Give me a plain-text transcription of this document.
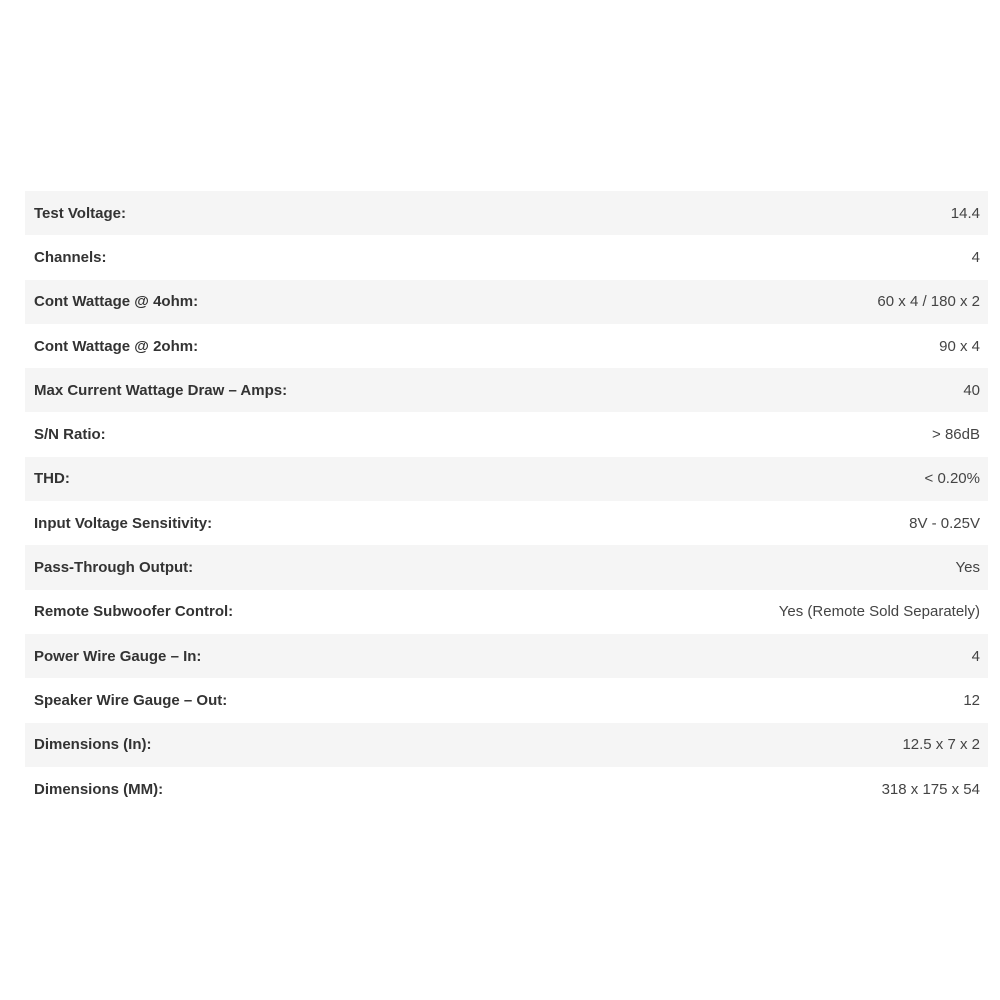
Test Voltage:	14.4
Channels:	4
Cont Wattage @ 4ohm:	60 x 4 / 180 x 2
Cont Wattage @ 2ohm:	90 x 4
Max Current Wattage Draw – Amps:	40
S/N Ratio:	> 86dB
THD:	< 0.20%
Input Voltage Sensitivity:	8V - 0.25V
Pass-Through Output:	Yes
Remote Subwoofer Control:	Yes (Remote Sold Separately)
Power Wire Gauge – In:	4
Speaker Wire Gauge – Out:	12
Dimensions (In):	12.5 x 7 x 2
Dimensions (MM):	318 x 175 x 54
